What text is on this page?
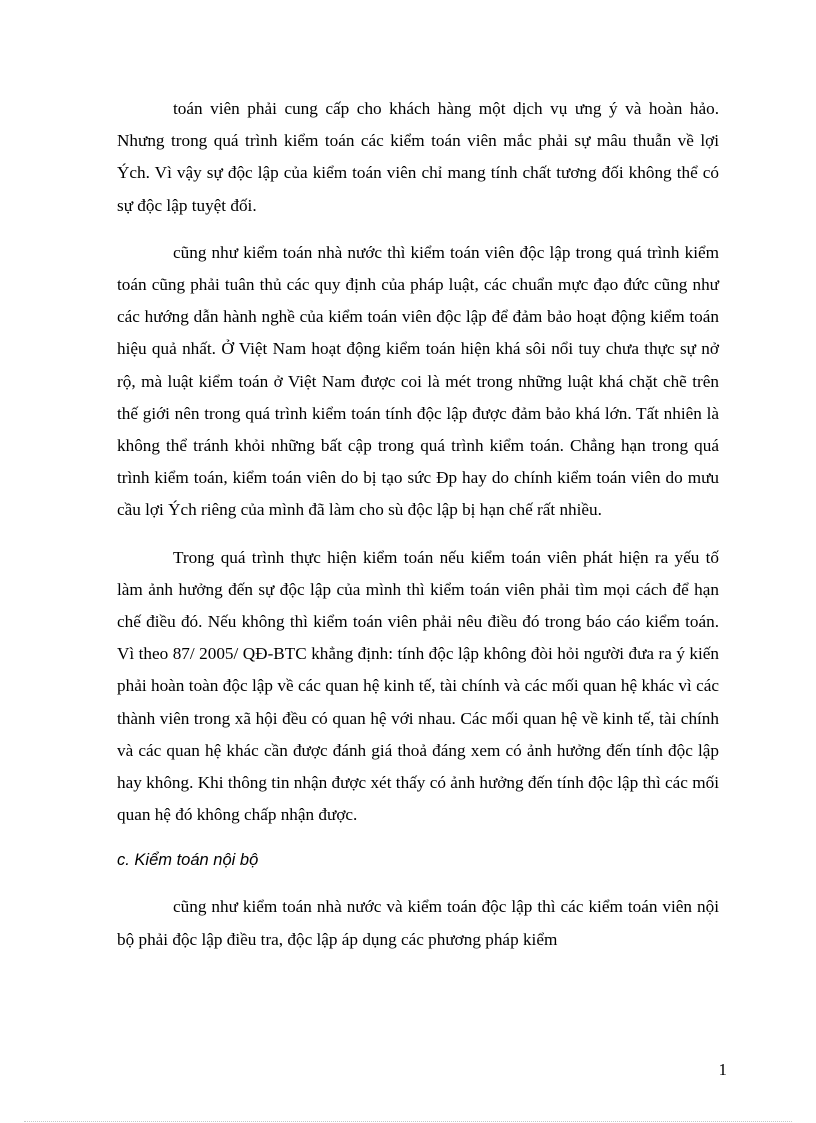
toán viên phải cung cấp cho khách hàng một dịch vụ ưng ý và hoàn hảo. Nhưng trong quá trình kiểm toán các kiểm toán viên mắc phải sự mâu thuẫn về lợi Ých. Vì vậy sự độc lập của kiểm toán viên chỉ mang tính chất tương đối không thể có sự độc lập tuyệt đối.

cũng như kiểm toán nhà nước thì kiểm toán viên độc lập trong quá trình kiểm toán cũng phải tuân thủ các quy định của pháp luật, các chuẩn mực đạo đức cũng như các hướng dẫn hành nghề của kiểm toán viên độc lập để đảm bảo hoạt động kiểm toán hiệu quả nhất. Ở Việt Nam hoạt động kiểm toán hiện khá sôi nổi tuy chưa thực sự nở rộ, mà luật kiểm toán ở Việt Nam được coi là mét trong những luật khá chặt chẽ trên thế giới nên trong quá trình kiểm toán tính độc lập được đảm bảo khá lớn. Tất nhiên là không thể tránh khỏi những bất cập trong quá trình kiểm toán. Chẳng hạn trong quá trình kiểm toán, kiểm toán viên do bị tạo sức Ðp hay do chính kiểm toán viên do mưu cầu lợi Ých riêng của mình đã làm cho sù độc lập bị hạn chế rất nhiều.

Trong quá trình thực hiện kiểm toán nếu kiểm toán viên phát hiện ra yếu tố làm ảnh hưởng đến sự độc lập của mình thì kiểm toán viên phải tìm mọi cách để hạn chế điều đó. Nếu không thì kiểm toán viên phải nêu điều đó trong báo cáo kiểm toán. Vì theo 87/ 2005/ QĐ-BTC khẳng định: tính độc lập không đòi hỏi người đưa ra ý kiến phải hoàn toàn độc lập về các quan hệ kinh tế, tài chính và các mối quan hệ khác vì các thành viên trong xã hội đều có quan hệ với nhau. Các mối quan hệ về kinh tế, tài chính và các quan hệ khác cần được đánh giá thoả đáng xem có ảnh hưởng đến tính độc lập hay không. Khi thông tin nhận được xét thấy có ảnh hưởng đến tính độc lập thì các mối quan hệ đó không chấp nhận được.

c. Kiểm toán nội bộ

cũng như kiểm toán nhà nước và kiểm toán độc lập thì các kiểm toán viên nội bộ phải độc lập điều tra, độc lập áp dụng các phương pháp kiểm

1
